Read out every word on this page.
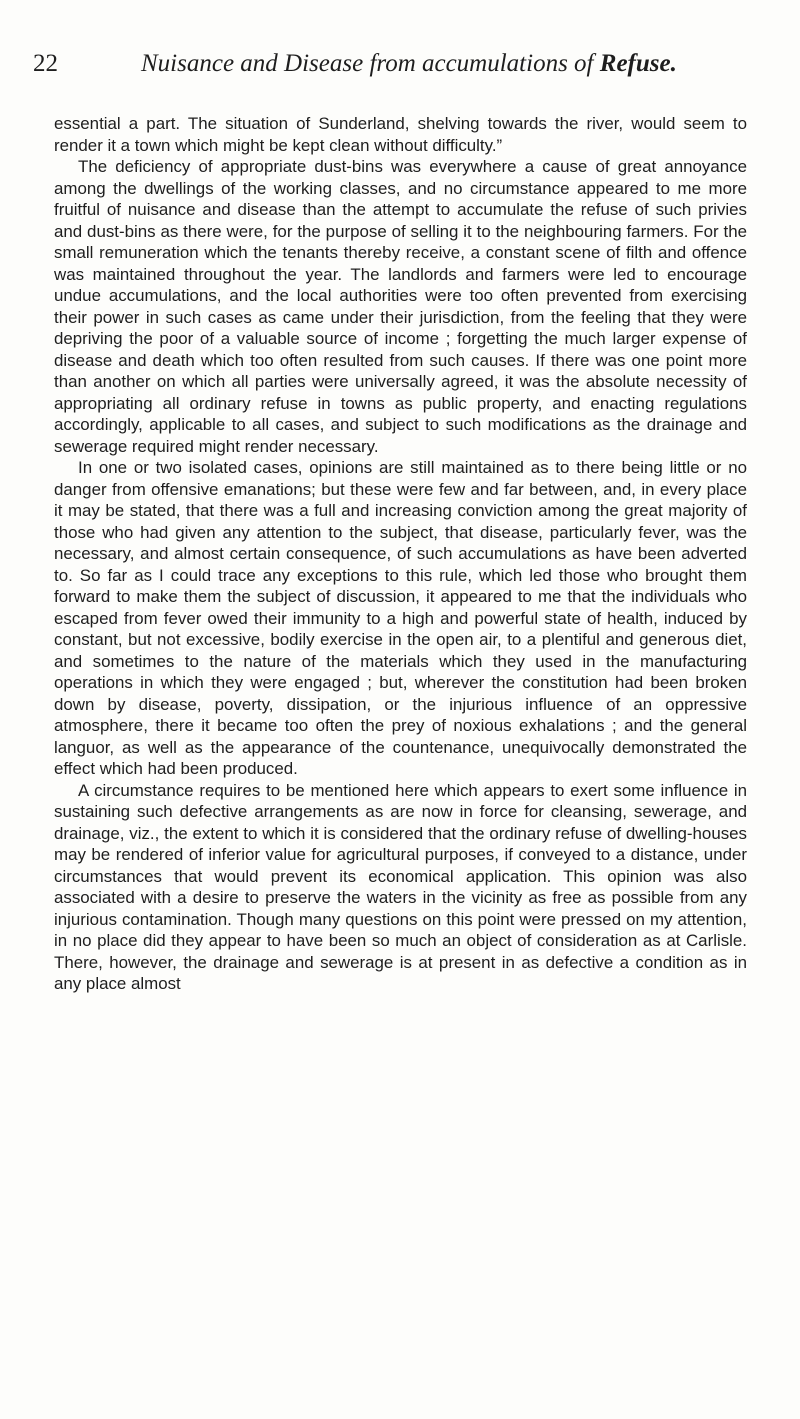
22	Nuisance and Disease from accumulations of Refuse.

essential a part. The situation of Sunderland, shelving towards the river, would seem to render it a town which might be kept clean without difficulty.”

The deficiency of appropriate dust-bins was everywhere a cause of great annoyance among the dwellings of the working classes, and no circumstance appeared to me more fruitful of nuisance and disease than the attempt to accumulate the refuse of such privies and dust-bins as there were, for the purpose of selling it to the neighbouring farmers. For the small remuneration which the tenants thereby receive, a constant scene of filth and offence was maintained throughout the year. The landlords and farmers were led to encourage undue accumulations, and the local authorities were too often prevented from exercising their power in such cases as came under their jurisdiction, from the feeling that they were depriving the poor of a valuable source of income ; forgetting the much larger expense of disease and death which too often resulted from such causes. If there was one point more than another on which all parties were universally agreed, it was the absolute necessity of appropriating all ordinary refuse in towns as public property, and enacting regulations accordingly, applicable to all cases, and subject to such modifications as the drainage and sewerage required might render necessary.

In one or two isolated cases, opinions are still maintained as to there being little or no danger from offensive emanations; but these were few and far between, and, in every place it may be stated, that there was a full and increasing conviction among the great majority of those who had given any attention to the subject, that disease, particularly fever, was the necessary, and almost certain consequence, of such accumulations as have been adverted to. So far as I could trace any exceptions to this rule, which led those who brought them forward to make them the subject of discussion, it appeared to me that the individuals who escaped from fever owed their immunity to a high and powerful state of health, induced by constant, but not excessive, bodily exercise in the open air, to a plentiful and generous diet, and sometimes to the nature of the materials which they used in the manufacturing operations in which they were engaged ; but, wherever the constitution had been broken down by disease, poverty, dissipation, or the injurious influence of an oppressive atmosphere, there it became too often the prey of noxious exhalations ; and the general languor, as well as the appearance of the countenance, unequivocally demonstrated the effect which had been produced.

A circumstance requires to be mentioned here which appears to exert some influence in sustaining such defective arrangements as are now in force for cleansing, sewerage, and drainage, viz., the extent to which it is considered that the ordinary refuse of dwelling-houses may be rendered of inferior value for agricultural purposes, if conveyed to a distance, under circumstances that would prevent its economical application. This opinion was also associated with a desire to preserve the waters in the vicinity as free as possible from any injurious contamination. Though many questions on this point were pressed on my attention, in no place did they appear to have been so much an object of consideration as at Carlisle. There, however, the drainage and sewerage is at present in as defective a condition as in any place almost
